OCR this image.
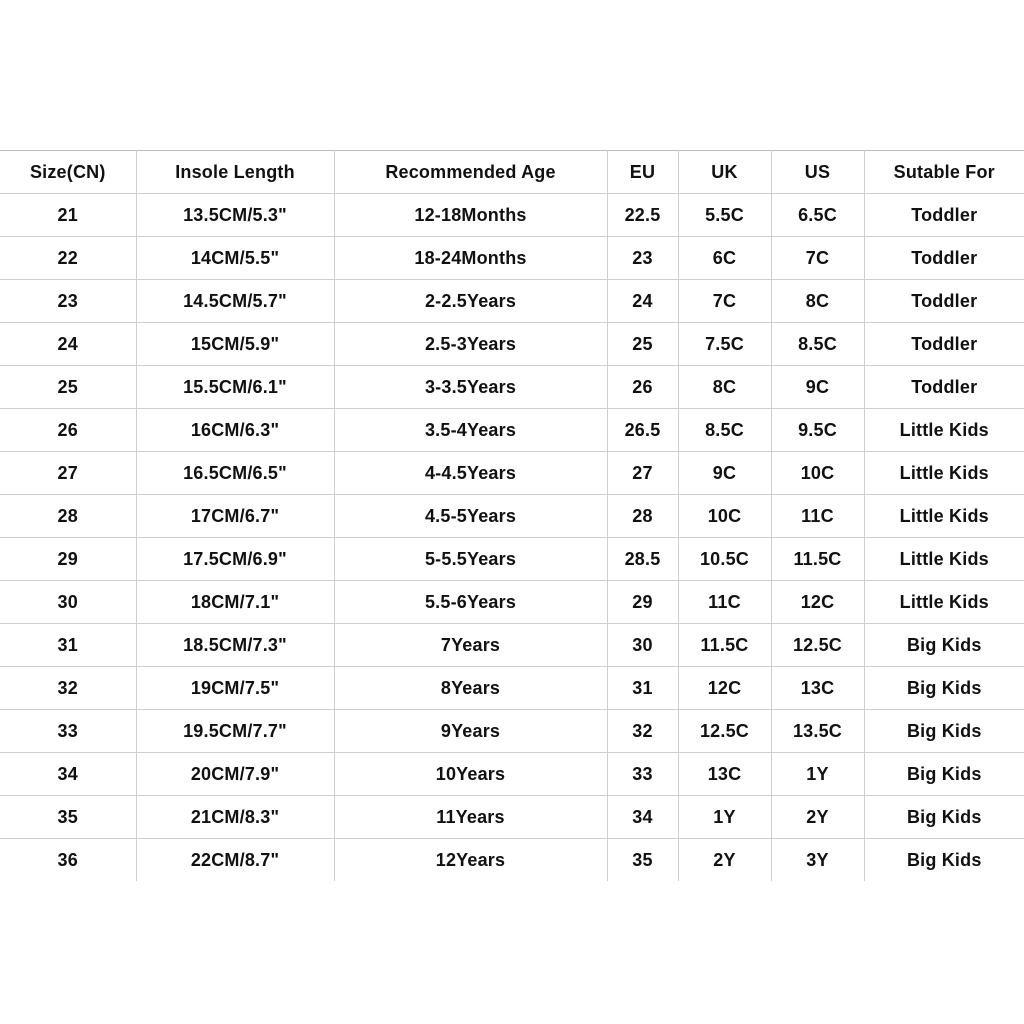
Size(CN)	Insole Length	Recommended Age	EU	UK	US	Sutable For
21	13.5CM/5.3"	12-18Months	22.5	5.5C	6.5C	Toddler
22	14CM/5.5"	18-24Months	23	6C	7C	Toddler
23	14.5CM/5.7"	2-2.5Years	24	7C	8C	Toddler
24	15CM/5.9"	2.5-3Years	25	7.5C	8.5C	Toddler
25	15.5CM/6.1"	3-3.5Years	26	8C	9C	Toddler
26	16CM/6.3"	3.5-4Years	26.5	8.5C	9.5C	Little Kids
27	16.5CM/6.5"	4-4.5Years	27	9C	10C	Little Kids
28	17CM/6.7"	4.5-5Years	28	10C	11C	Little Kids
29	17.5CM/6.9"	5-5.5Years	28.5	10.5C	11.5C	Little Kids
30	18CM/7.1"	5.5-6Years	29	11C	12C	Little Kids
31	18.5CM/7.3"	7Years	30	11.5C	12.5C	Big Kids
32	19CM/7.5"	8Years	31	12C	13C	Big Kids
33	19.5CM/7.7"	9Years	32	12.5C	13.5C	Big Kids
34	20CM/7.9"	10Years	33	13C	1Y	Big Kids
35	21CM/8.3"	11Years	34	1Y	2Y	Big Kids
36	22CM/8.7"	12Years	35	2Y	3Y	Big Kids
